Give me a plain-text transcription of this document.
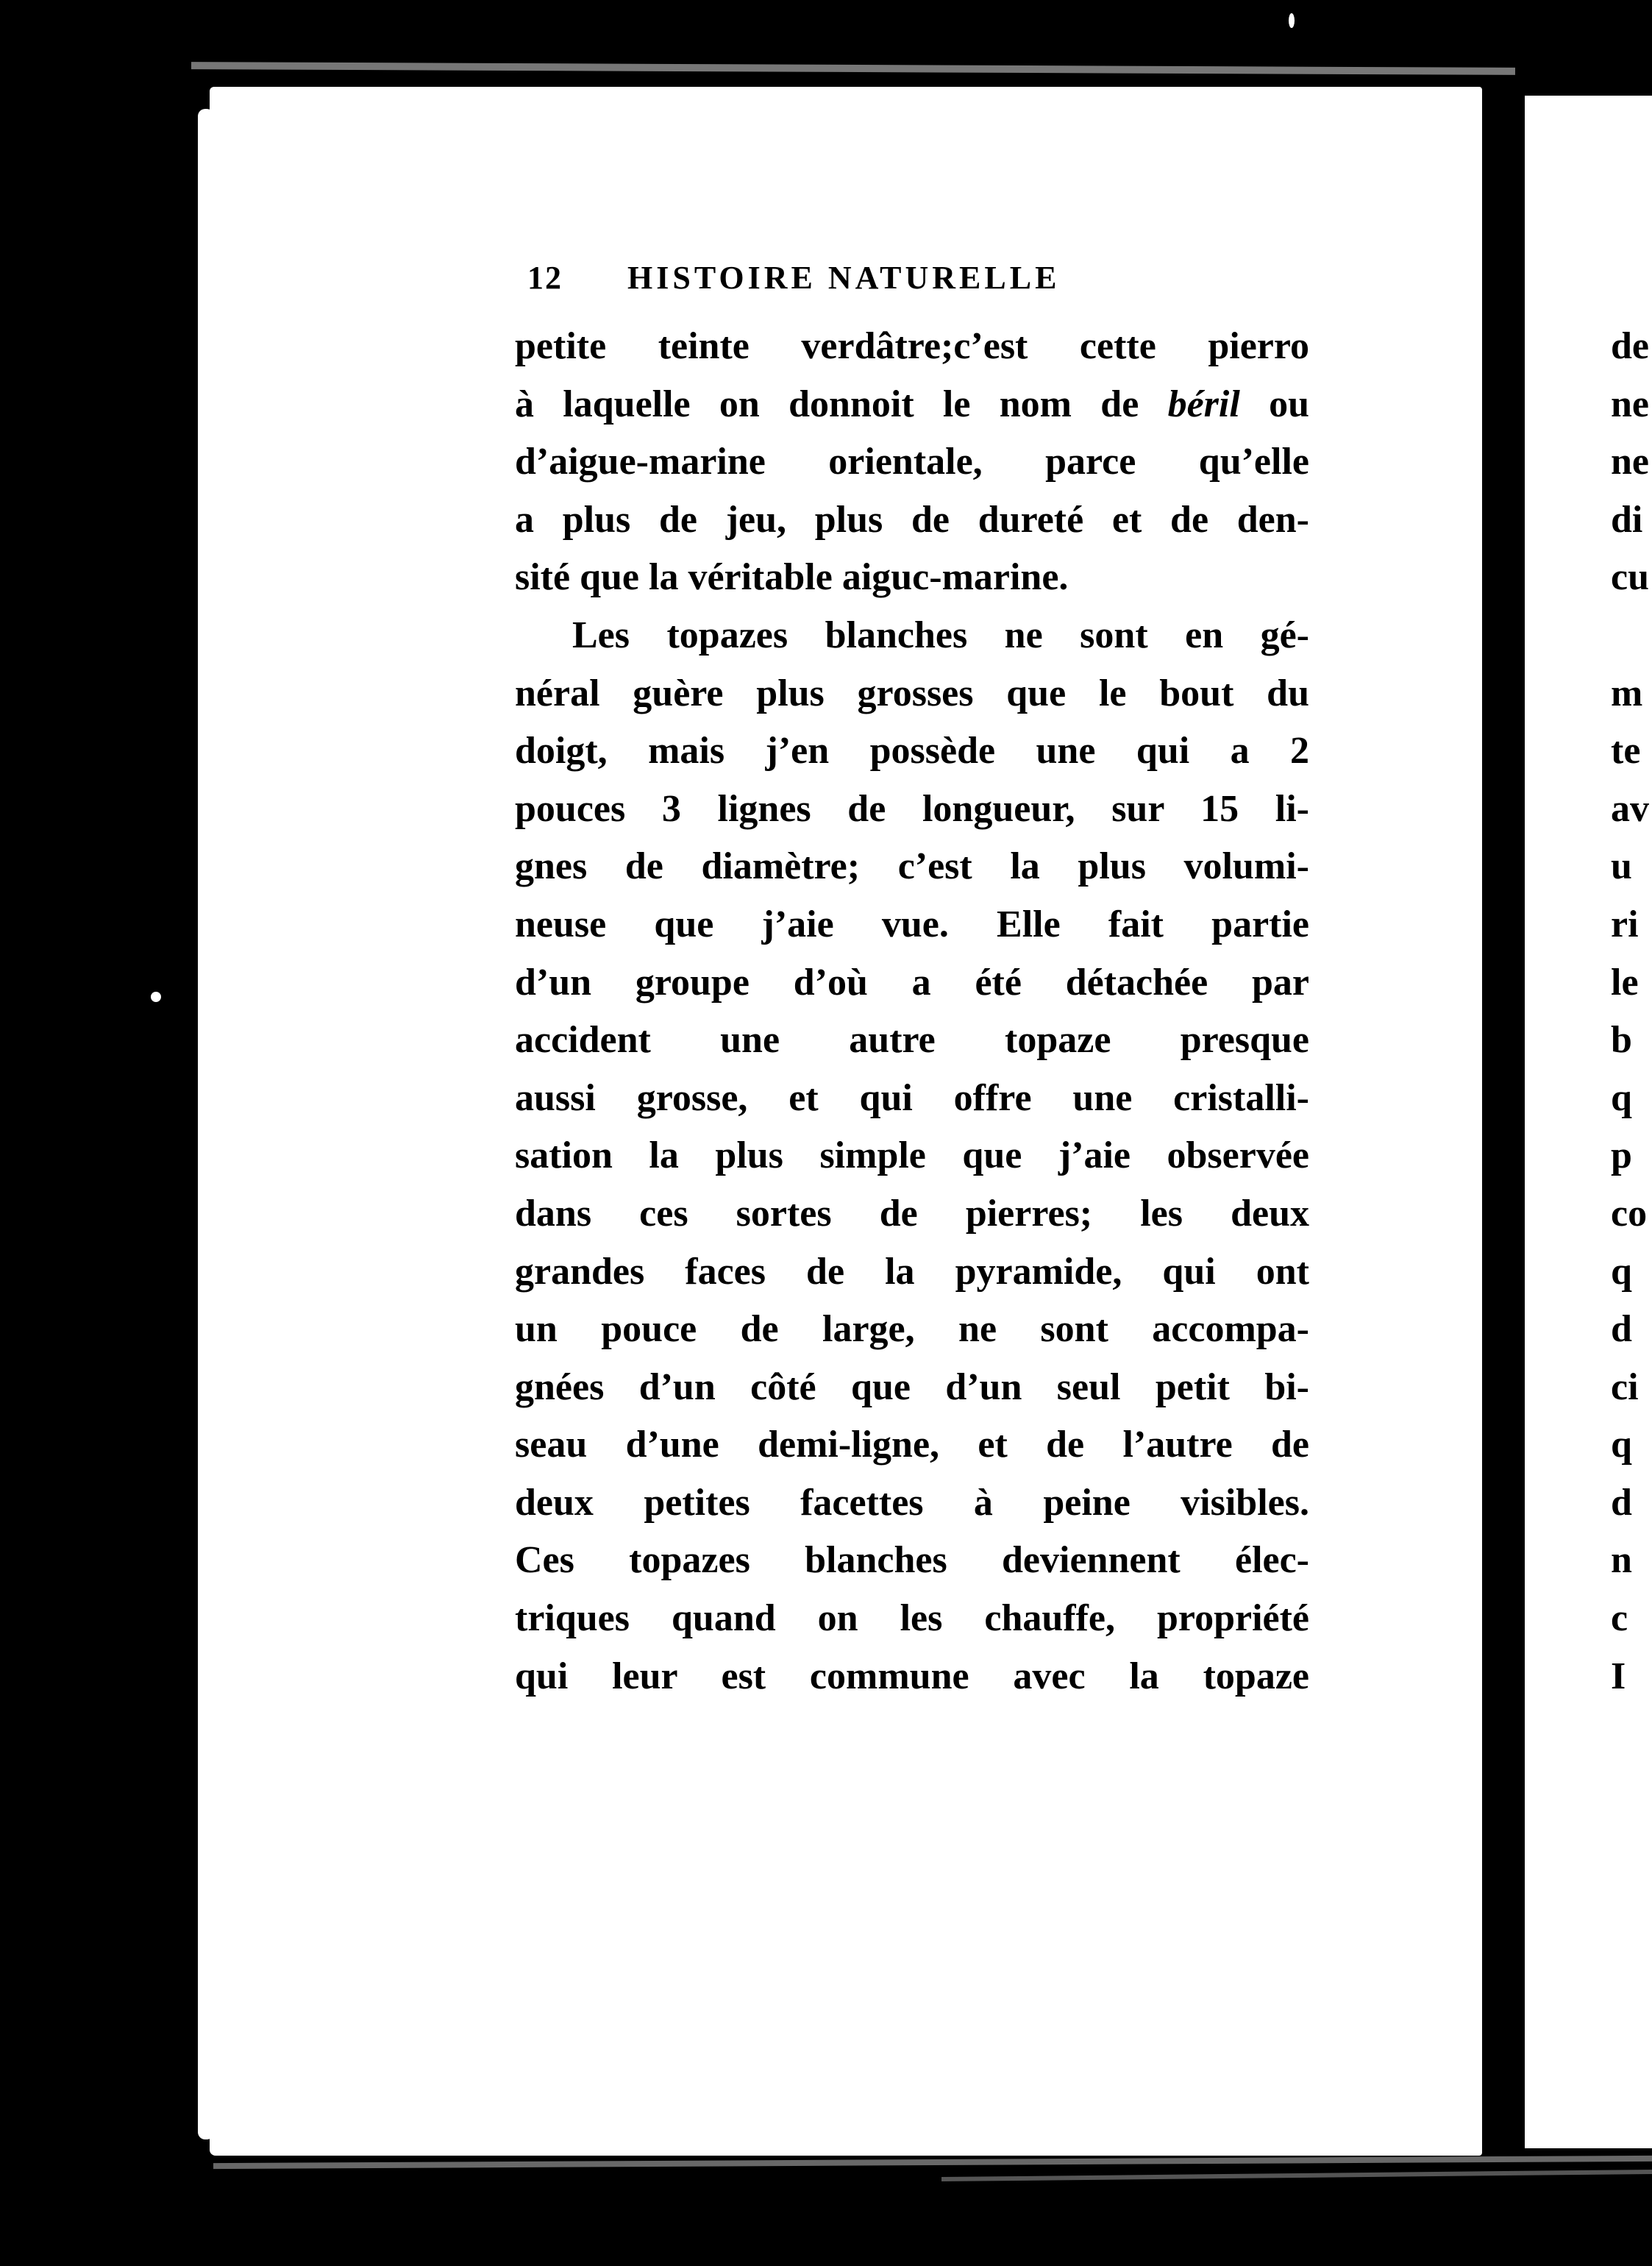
12 HISTOIRE NATURELLE
petite teinte verdâtre;c’est cette pierro
à laquelle on donnoit le nom de béril ou
d’aigue-marine orientale, parce qu’elle
a plus de jeu, plus de dureté et de den-
sité que la véritable aiguc-marine.
Les topazes blanches ne sont en gé-
néral guère plus grosses que le bout du
doigt, mais j’en possède une qui a 2
pouces 3 lignes de longueur, sur 15 li-
gnes de diamètre; c’est la plus volumi-
neuse que j’aie vue. Elle fait partie
d’un groupe d’où a été détachée par
accident une autre topaze presque
aussi grosse, et qui offre une cristalli-
sation la plus simple que j’aie observée
dans ces sortes de pierres; les deux
grandes faces de la pyramide, qui ont
un pouce de large, ne sont accompa-
gnées d’un côté que d’un seul petit bi-
seau d’une demi-ligne, et de l’autre de
deux petites facettes à peine visibles.
Ces topazes blanches deviennent élec-
triques quand on les chauffe, propriété
qui leur est commune avec la topaze
de
ne
ne
di
cu
m
te
av
u
ri
le
b
q
p
co
q
d
ci
q
d
n
c
I
